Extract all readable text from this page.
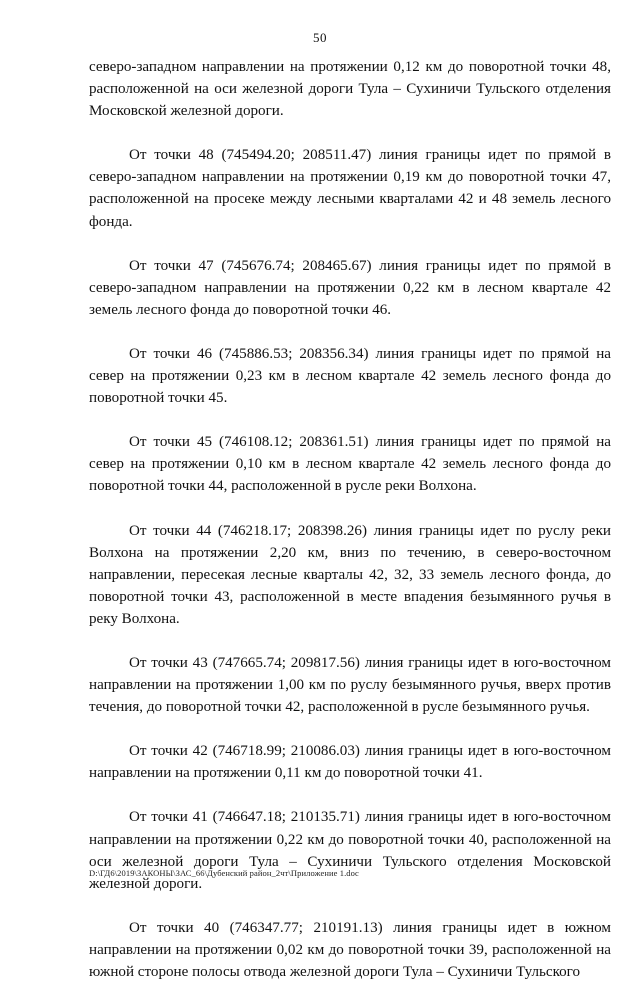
50

северо-западном направлении на протяжении 0,12 км до поворотной точки 48, расположенной на оси железной дороги Тула – Сухиничи Тульского отделения Московской железной дороги.

От точки 48 (745494.20; 208511.47) линия границы идет по прямой в северо-западном направлении на протяжении 0,19 км до поворотной точки 47, расположенной на просеке между лесными кварталами 42 и 48 земель лесного фонда.

От точки 47 (745676.74; 208465.67) линия границы идет по прямой в северо-западном направлении на протяжении 0,22 км в лесном квартале 42 земель лесного фонда до поворотной точки 46.

От точки 46 (745886.53; 208356.34) линия границы идет по прямой на север на протяжении 0,23 км в лесном квартале 42 земель лесного фонда до поворотной точки 45.

От точки 45 (746108.12; 208361.51) линия границы идет по прямой на север на протяжении 0,10 км в лесном квартале 42 земель лесного фонда до поворотной точки 44, расположенной в русле реки Волхона.

От точки 44 (746218.17; 208398.26) линия границы идет по руслу реки Волхона на протяжении 2,20 км, вниз по течению, в северо-восточном направлении, пересекая лесные кварталы 42, 32, 33 земель лесного фонда, до поворотной точки 43, расположенной в месте впадения безымянного ручья в реку Волхона.

От точки 43 (747665.74; 209817.56) линия границы идет в юго-восточном направлении на протяжении 1,00 км по руслу безымянного ручья, вверх против течения, до поворотной точки 42, расположенной в русле безымянного ручья.

От точки 42 (746718.99; 210086.03) линия границы идет в юго-восточном направлении на протяжении 0,11 км до поворотной точки 41.

От точки 41 (746647.18; 210135.71) линия границы идет в юго-восточном направлении на протяжении 0,22 км до поворотной точки 40, расположенной на оси железной дороги Тула – Сухиничи Тульского отделения Московской железной дороги.

От точки 40 (746347.77; 210191.13) линия границы идет в южном направлении на протяжении 0,02 км до поворотной точки 39, расположенной на южной стороне полосы отвода железной дороги Тула – Сухиничи Тульского

D:\ГД6\2019\ЗАКОНЫ\ЗАС_66\Дубенский район_2чт\Приложение 1.doc
